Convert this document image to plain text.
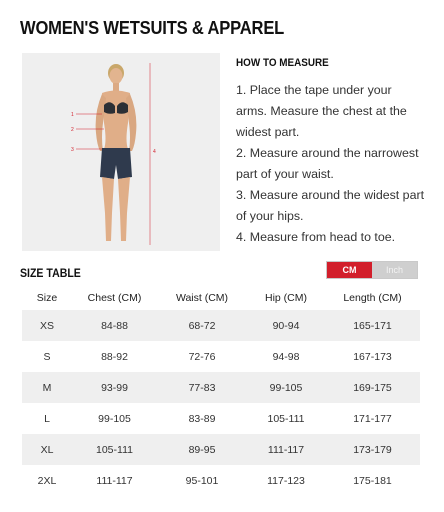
WOMEN'S WETSUITS & APPAREL
1
2
3	4
HOW TO MEASURE
1. Place the tape under your arms. Measure the chest at the widest part.
2. Measure around the narrowest part of your waist.
3. Measure around the widest part of your hips.
4. Measure from head to toe.
SIZE TABLE	CM	Inch
Size	Chest (CM)	Waist (CM)	Hip (CM)	Length (CM)
XS	84-88	68-72	90-94	165-171
S	88-92	72-76	94-98	167-173
M	93-99	77-83	99-105	169-175
L	99-105	83-89	105-111	171-177
XL	105-111	89-95	111-117	173-179
2XL	111-117	95-101	117-123	175-181
